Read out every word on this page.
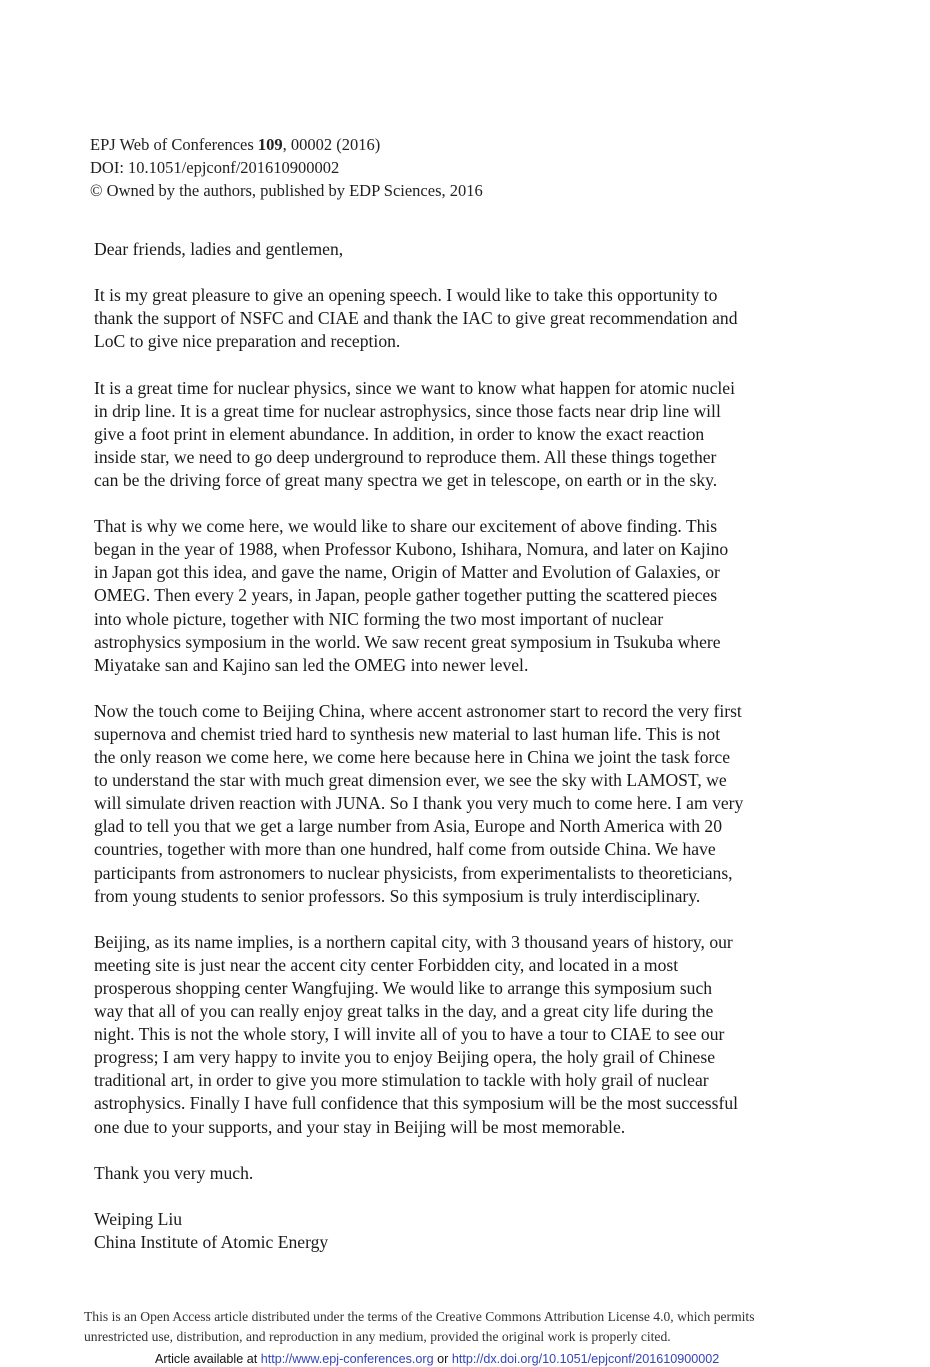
EPJ Web of Conferences 109, 00002 (2016)
DOI: 10.1051/epjconf/201610900002
© Owned by the authors, published by EDP Sciences, 2016

Dear friends, ladies and gentlemen,

It is my great pleasure to give an opening speech. I would like to take this opportunity to
thank the support of NSFC and CIAE and thank the IAC to give great recommendation and
LoC to give nice preparation and reception.

It is a great time for nuclear physics, since we want to know what happen for atomic nuclei
in drip line. It is a great time for nuclear astrophysics, since those facts near drip line will
give a foot print in element abundance. In addition, in order to know the exact reaction
inside star, we need to go deep underground to reproduce them. All these things together
can be the driving force of great many spectra we get in telescope, on earth or in the sky.

That is why we come here, we would like to share our excitement of above finding. This
began in the year of 1988, when Professor Kubono, Ishihara, Nomura, and later on Kajino
in Japan got this idea, and gave the name, Origin of Matter and Evolution of Galaxies, or
OMEG. Then every 2 years, in Japan, people gather together putting the scattered pieces
into whole picture, together with NIC forming the two most important of nuclear
astrophysics symposium in the world. We saw recent great symposium in Tsukuba where
Miyatake san and Kajino san led the OMEG into newer level.

Now the touch come to Beijing China, where accent astronomer start to record the very first
supernova and chemist tried hard to synthesis new material to last human life. This is not
the only reason we come here, we come here because here in China we joint the task force
to understand the star with much great dimension ever, we see the sky with LAMOST, we
will simulate driven reaction with JUNA. So I thank you very much to come here. I am very
glad to tell you that we get a large number from Asia, Europe and North America with 20
countries, together with more than one hundred, half come from outside China. We have
participants from astronomers to nuclear physicists, from experimentalists to theoreticians,
from young students to senior professors. So this symposium is truly interdisciplinary.

Beijing, as its name implies, is a northern capital city, with 3 thousand years of history, our
meeting site is just near the accent city center Forbidden city, and located in a most
prosperous shopping center Wangfujing. We would like to arrange this symposium such
way that all of you can really enjoy great talks in the day, and a great city life during the
night. This is not the whole story, I will invite all of you to have a tour to CIAE to see our
progress; I am very happy to invite you to enjoy Beijing opera, the holy grail of Chinese
traditional art, in order to give you more stimulation to tackle with holy grail of nuclear
astrophysics. Finally I have full confidence that this symposium will be the most successful
one due to your supports, and your stay in Beijing will be most memorable.

Thank you very much.

Weiping Liu

China Institute of Atomic Energy

This is an Open Access article distributed under the terms of the Creative Commons Attribution License 4.0, which permits
unrestricted use, distribution, and reproduction in any medium, provided the original work is properly cited.
Article available at http://www.epj-conferences.org or http://dx.doi.org/10.1051/epjconf/201610900002
